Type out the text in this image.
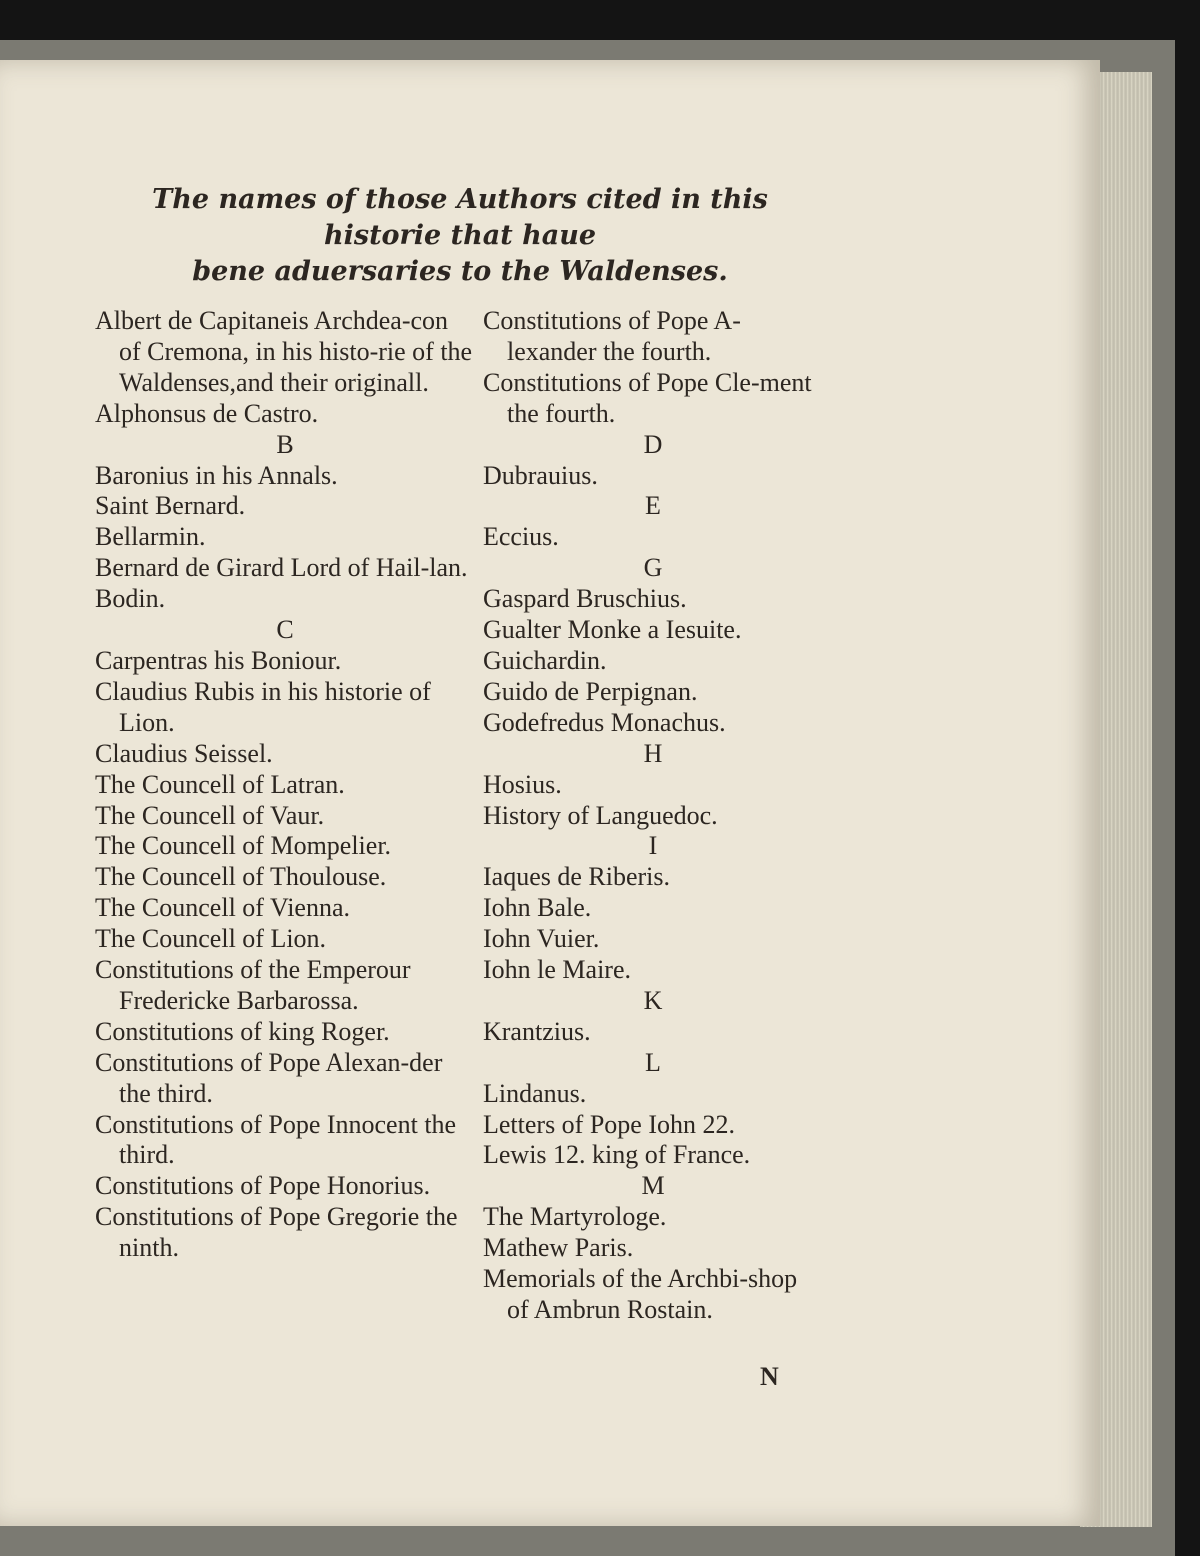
The names of those Authors cited in this historie that haue
bene aduersaries to the Waldenses.
Albert de Capitaneis Archdea-con of Cremona, in his histo-rie of the Waldenses,and their originall.
Alphonsus de Castro.
B
Baronius in his Annals.
Saint Bernard.
Bellarmin.
Bernard de Girard Lord of Hail-lan.
Bodin.
C
Carpentras his Boniour.
Claudius Rubis in his historie of Lion.
Claudius Seissel.
The Councell of Latran.
The Councell of Vaur.
The Councell of Mompelier.
The Councell of Thoulouse.
The Councell of Vienna.
The Councell of Lion.
Constitutions of the Emperour Fredericke Barbarossa.
Constitutions of king Roger.
Constitutions of Pope Alexan-der the third.
Constitutions of Pope Innocent the third.
Constitutions of Pope Honorius.
Constitutions of Pope Gregorie the ninth.
Constitutions of Pope A-lexander the fourth.
Constitutions of Pope Cle-ment the fourth.
D
Dubrauius.
E
Eccius.
G
Gaspard Bruschius.
Gualter Monke a Iesuite.
Guichardin.
Guido de Perpignan.
Godefredus Monachus.
H
Hosius.
History of Languedoc.
I
Iaques de Riberis.
Iohn Bale.
Iohn Vuier.
Iohn le Maire.
K
Krantzius.
L
Lindanus.
Letters of Pope Iohn 22.
Lewis 12. king of France.
M
The Martyrologe.
Mathew Paris.
Memorials of the Archbi-shop of Ambrun Rostain.
N
